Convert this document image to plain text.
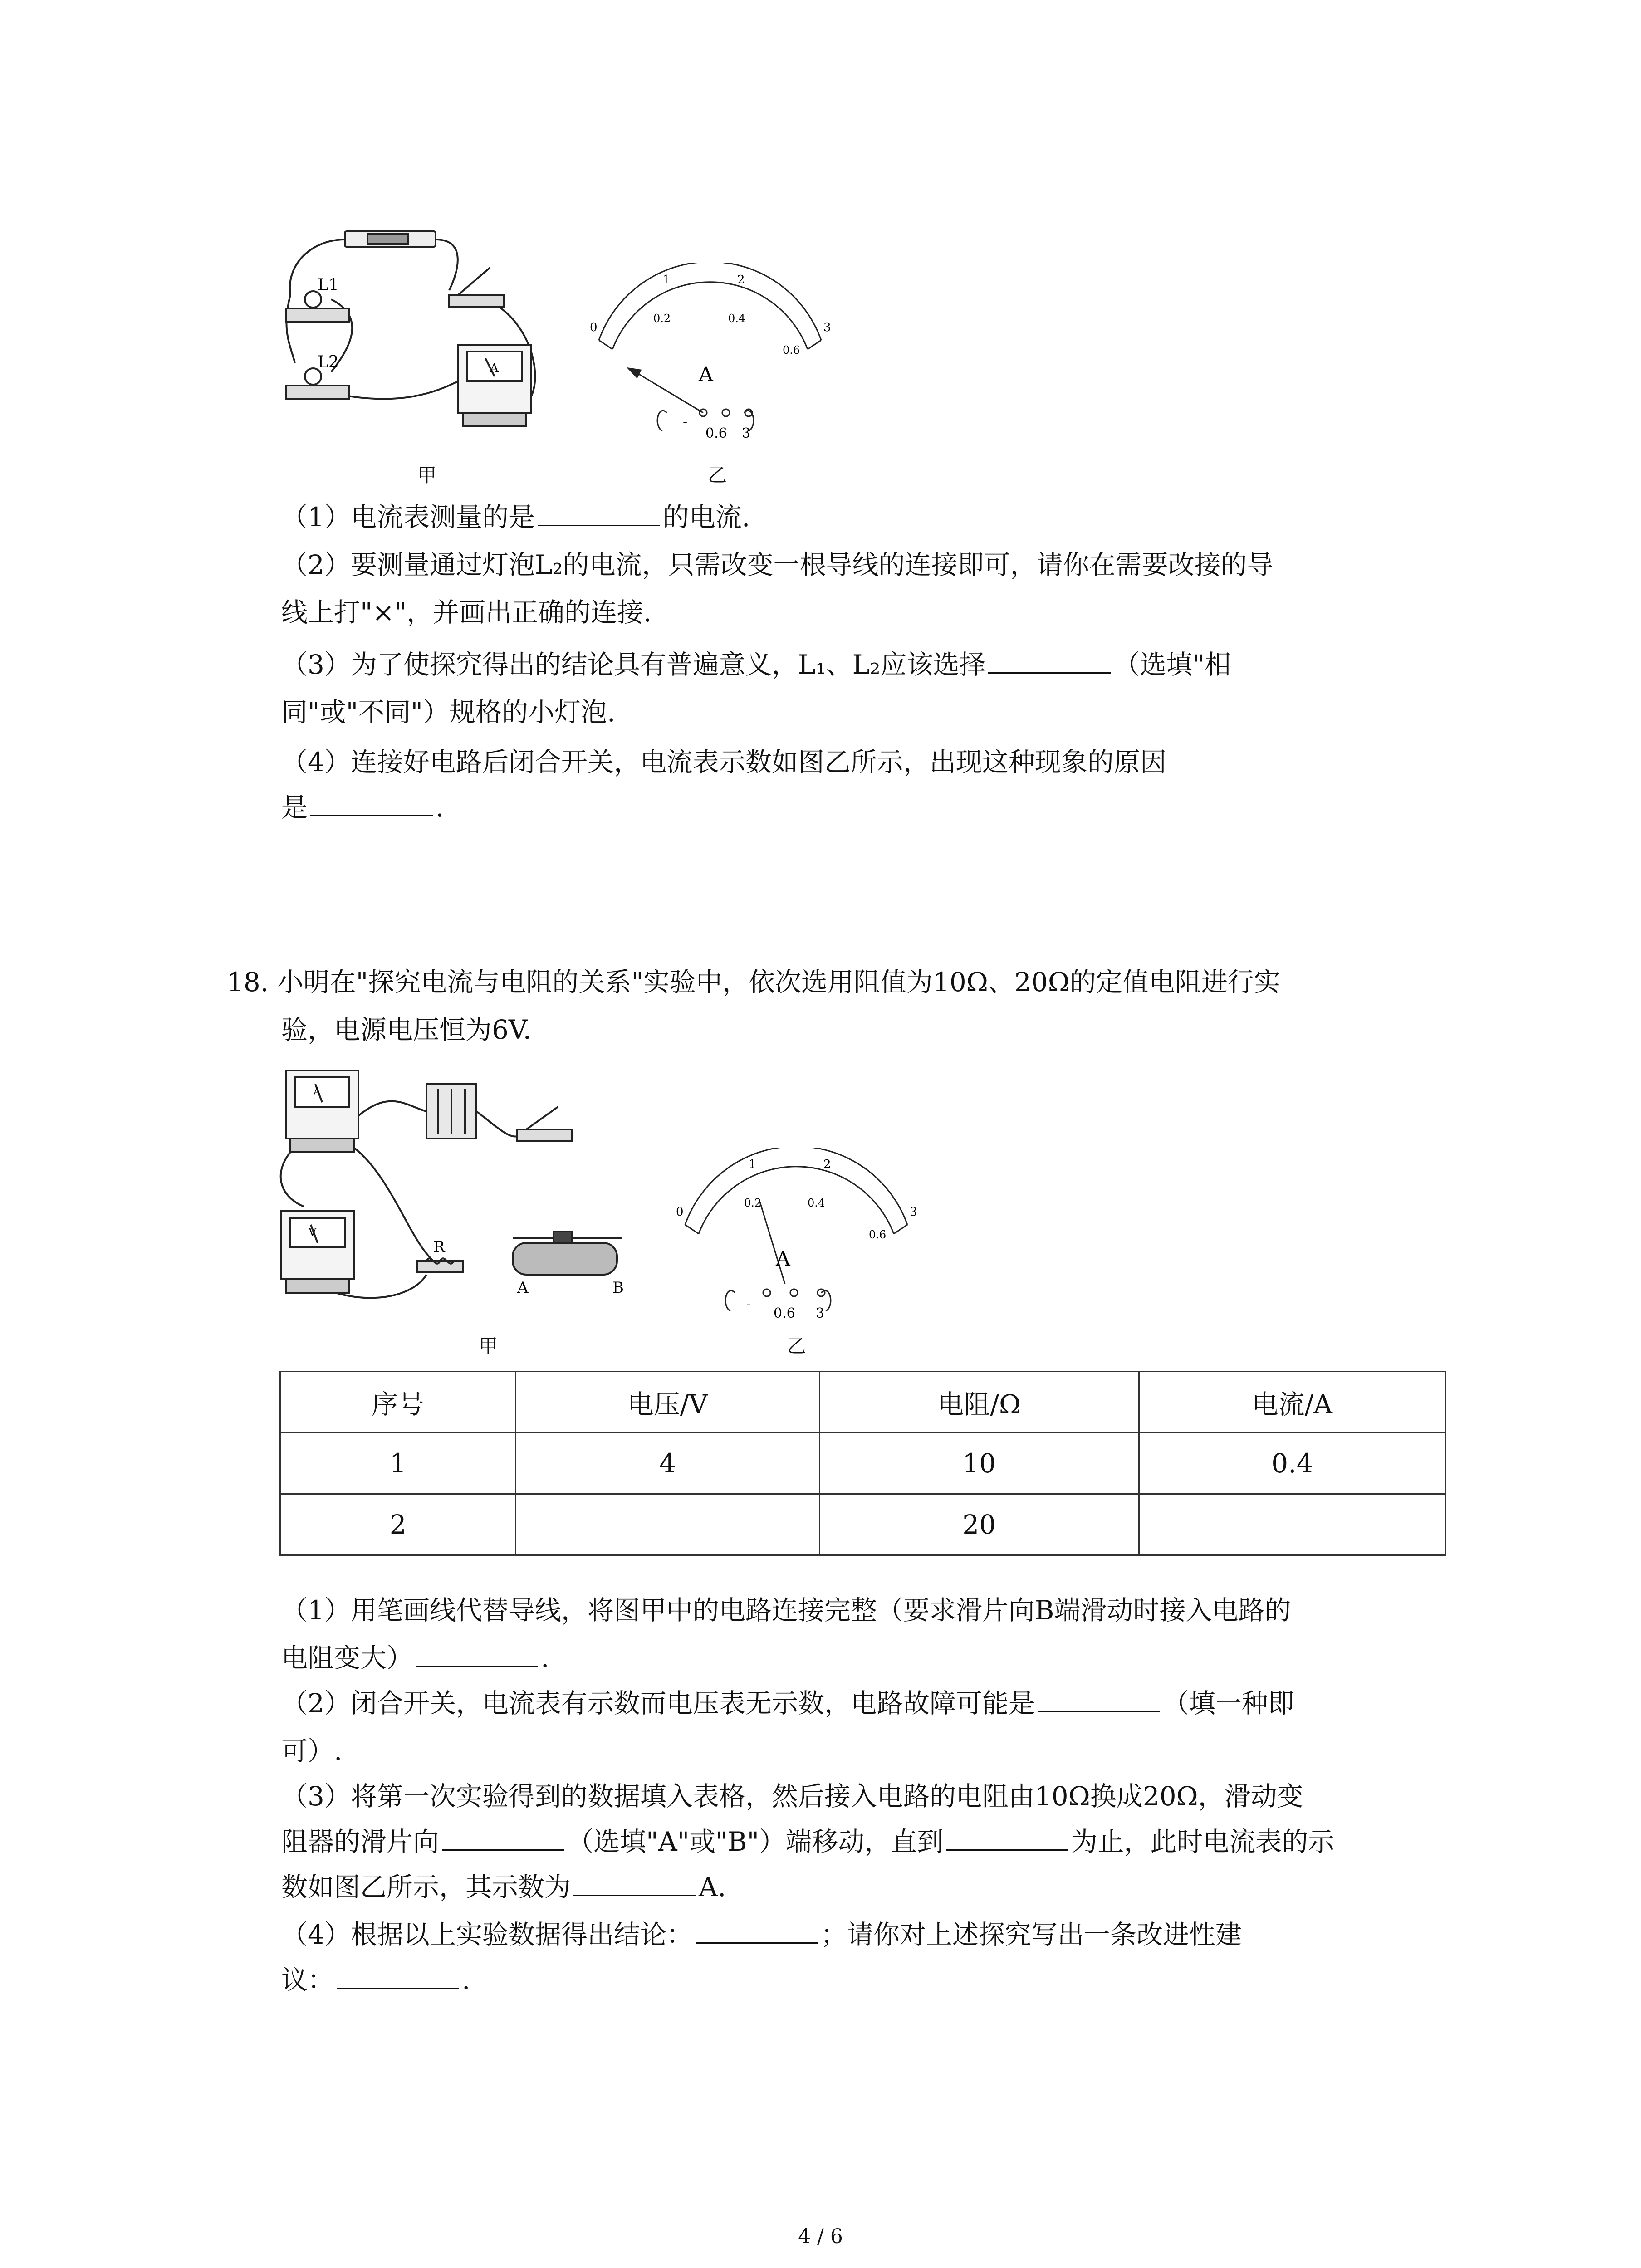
L1
L2	A
0
1	2
3
0.2	0.4
0.6
A
-
0.6 3
甲	乙
（1）电流表测量的是	的电流.
（2）要测量通过灯泡L₂的电流，只需改变一根导线的连接即可，请你在需要改接的导
线上打"×"，并画出正确的连接.
（3）为了使探究得出的结论具有普遍意义，L₁、L₂应该选择	（选填"相
同"或"不同"）规格的小灯泡.
（4）连接好电路后闭合开关，电流表示数如图乙所示，出现这种现象的原因
是	.
18. 小明在"探究电流与电阻的关系"实验中，依次选用阻值为10Ω、20Ω的定值电阻进行实
验，电源电压恒为6V.
A
V
R
A	B
0
1	2
3
0.2	0.4
0.6
A
-
0.6 3
甲	乙
序号	电压/V	电阻/Ω	电流/A
1	4	10	0.4
2		20	
（1）用笔画线代替导线，将图甲中的电路连接完整（要求滑片向B端滑动时接入电路的
电阻变大）	.
（2）闭合开关，电流表有示数而电压表无示数，电路故障可能是	（填一种即
可）.
（3）将第一次实验得到的数据填入表格，然后接入电路的电阻由10Ω换成20Ω，滑动变
阻器的滑片向	（选填"A"或"B"）端移动，直到	为止，此时电流表的示
数如图乙所示，其示数为	A.
（4）根据以上实验数据得出结论：	；请你对上述探究写出一条改进性建
议：	.
4 / 6
